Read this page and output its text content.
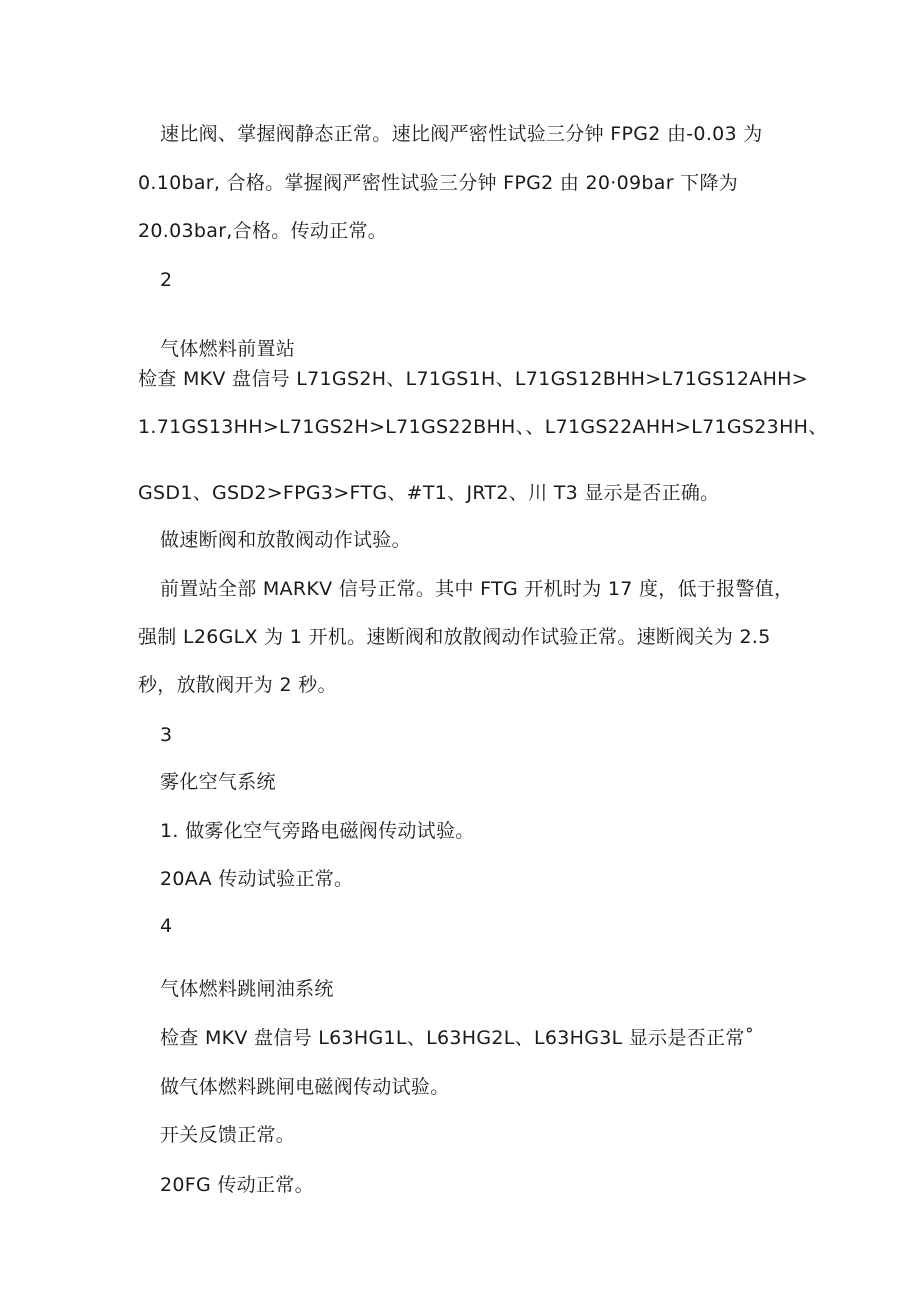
速比阀、掌握阀静态正常。速比阀严密性试验三分钟 FPG2 由-0.03 为
0.10bar, 合格。掌握阀严密性试验三分钟 FPG2 由 20·09bar 下降为
20.03bar,合格。传动正常。
2
气体燃料前置站
检查 MKV 盘信号 L71GS2H、L71GS1H、L71GS12BHH>L71GS12AHH>
1.71GS13HH>L71GS2H>L71GS22BHH、、L71GS22AHH>L71GS23HH、
GSD1、GSD2>FPG3>FTG、#T1、JRT2、川 T3 显示是否正确。
做速断阀和放散阀动作试验。
前置站全部 MARKV 信号正常。其中 FTG 开机时为 17 度，低于报警值，
强制 L26GLX 为 1 开机。速断阀和放散阀动作试验正常。速断阀关为 2.5
秒，放散阀开为 2 秒。
3
雾化空气系统
1. 做雾化空气旁路电磁阀传动试验。
20AA 传动试验正常。
4
气体燃料跳闸油系统
检查 MKV 盘信号 L63HG1L、L63HG2L、L63HG3L 显示是否正常˚
做气体燃料跳闸电磁阀传动试验。
开关反馈正常。
20FG 传动正常。
